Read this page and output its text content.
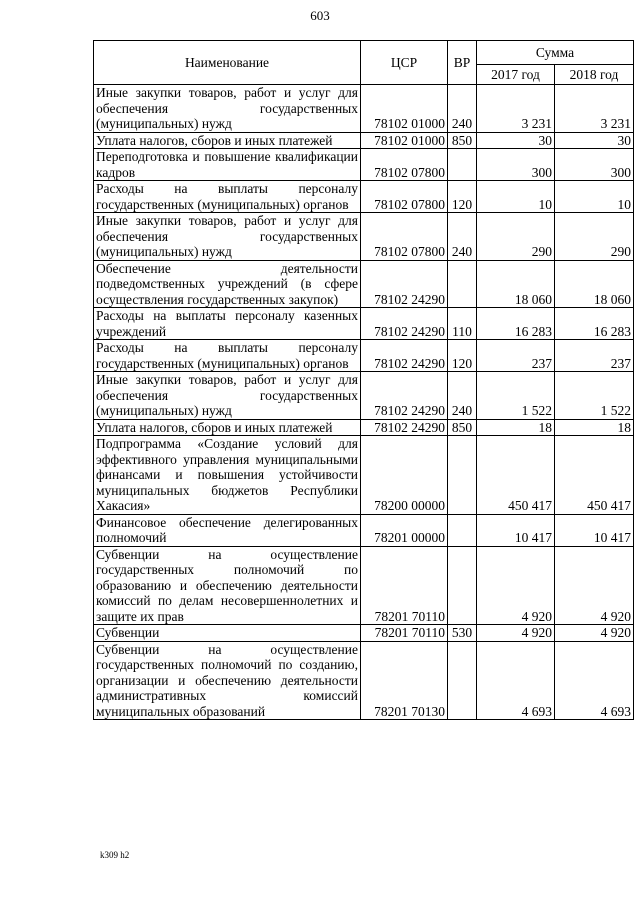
603
Наименование	ЦСР	ВР	Сумма	
			2017 год	2018 год
Иные закупки товаров, работ и услуг для обеспечения государственных (муниципальных) нужд	78102 01000	240	3 231	3 231
Уплата налогов, сборов и иных платежей	78102 01000	850	30	30
Переподготовка и повышение квалификации кадров	78102 07800		300	300
Расходы на выплаты персоналу государственных (муниципальных) органов	78102 07800	120	10	10
Иные закупки товаров, работ и услуг для обеспечения государственных (муниципальных) нужд	78102 07800	240	290	290
Обеспечение деятельности подведомственных учреждений (в сфере осуществления государственных закупок)	78102 24290		18 060	18 060
Расходы на выплаты персоналу казенных учреждений	78102 24290	110	16 283	16 283
Расходы на выплаты персоналу государственных (муниципальных) органов	78102 24290	120	237	237
Иные закупки товаров, работ и услуг для обеспечения государственных (муниципальных) нужд	78102 24290	240	1 522	1 522
Уплата налогов, сборов и иных платежей	78102 24290	850	18	18
Подпрограмма «Создание условий для эффективного управления муниципальными финансами и повышения устойчивости муниципальных бюджетов Республики Хакасия»	78200 00000		450 417	450 417
Финансовое обеспечение делегированных полномочий	78201 00000		10 417	10 417
Субвенции на осуществление государственных полномочий по образованию и обеспечению деятельности комиссий по делам несовершеннолетних и защите их прав	78201 70110		4 920	4 920
Субвенции	78201 70110	530	4 920	4 920
Субвенции на осуществление государственных полномочий по созданию, организации и обеспечению деятельности административных комиссий муниципальных образований	78201 70130		4 693	4 693
k309 h2
